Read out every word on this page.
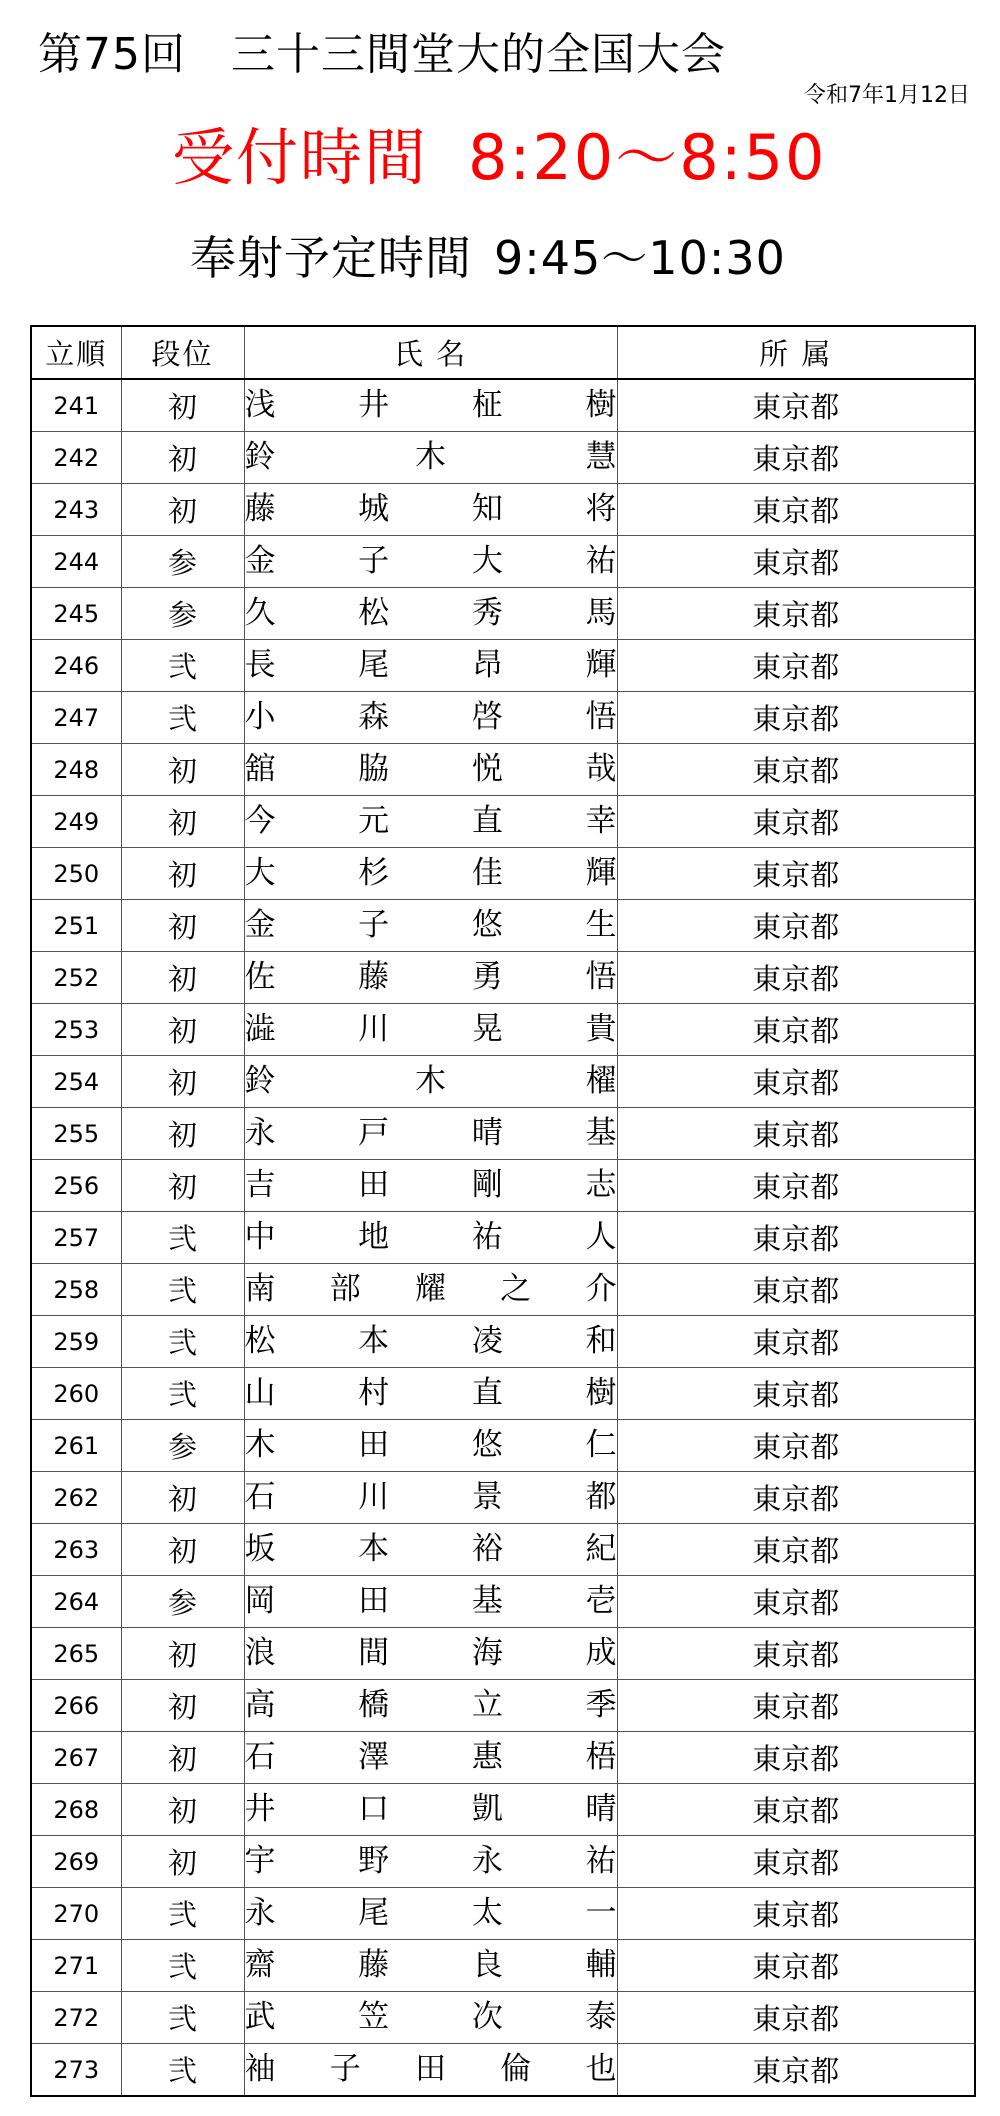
第75回　三十三間堂大的全国大会
令和7年1月12日
受付時間 8:20～8:50
奉射予定時間 9:45～10:30
立順	段位	氏 名	所 属
241	初	浅 井 柾 樹	東京都
242	初	鈴 木 慧	東京都
243	初	藤 城 知 将	東京都
244	参	金 子 大 祐	東京都
245	参	久 松 秀 馬	東京都
246	弐	長 尾 昂 輝	東京都
247	弐	小 森 啓 悟	東京都
248	初	舘 脇 悦 哉	東京都
249	初	今 元 直 幸	東京都
250	初	大 杉 佳 輝	東京都
251	初	金 子 悠 生	東京都
252	初	佐 藤 勇 悟	東京都
253	初	澁 川 晃 貴	東京都
254	初	鈴 木 櫂	東京都
255	初	永 戸 晴 基	東京都
256	初	吉 田 剛 志	東京都
257	弐	中 地 祐 人	東京都
258	弐	南 部 耀 之 介	東京都
259	弐	松 本 凌 和	東京都
260	弐	山 村 直 樹	東京都
261	参	木 田 悠 仁	東京都
262	初	石 川 景 都	東京都
263	初	坂 本 裕 紀	東京都
264	参	岡 田 基 壱	東京都
265	初	浪 間 海 成	東京都
266	初	高 橋 立 季	東京都
267	初	石 澤 惠 梧	東京都
268	初	井 口 凱 晴	東京都
269	初	宇 野 永 祐	東京都
270	弐	永 尾 太 一	東京都
271	弐	齋 藤 良 輔	東京都
272	弐	武 笠 次 泰	東京都
273	弐	袖 子 田 倫 也	東京都
